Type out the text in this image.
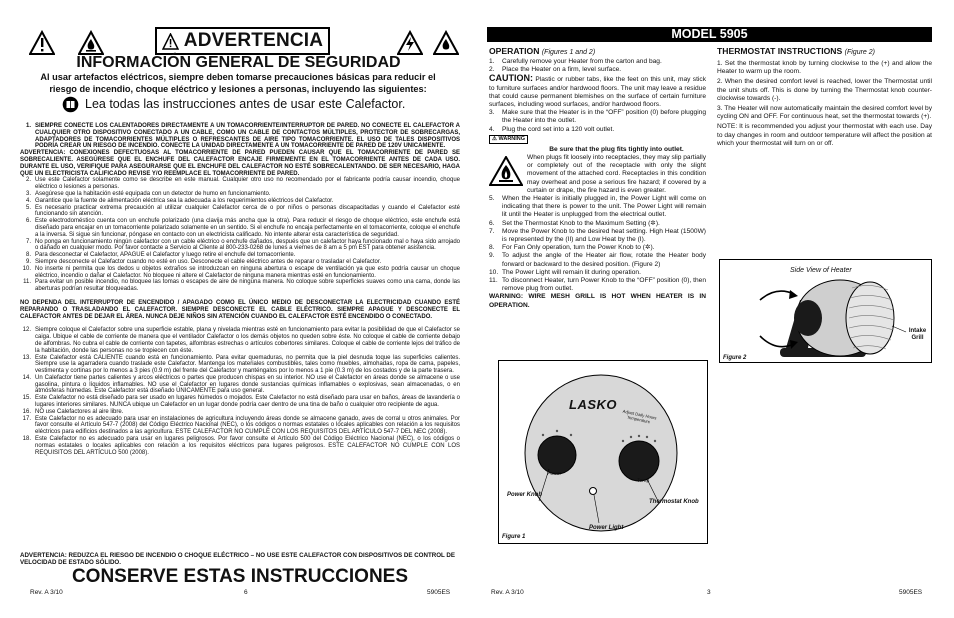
ADVERTENCIA
INFORMACIÓN GENERAL DE SEGURIDAD
Al usar artefactos eléctricos, siempre deben tomarse precauciones básicas para reducir el riesgo de incendio, choque eléctrico y lesiones a personas, incluyendo las siguientes:
Lea todas las instrucciones antes de usar este Calefactor.
1. SIEMPRE CONECTE LOS CALENTADORES DIRECTAMENTE A UN TOMACORRIENTE/INTERRUPTOR DE PARED. NO CONECTE EL CALEFACTOR A CUALQUIER OTRO DISPOSITIVO CONECTADO A UN CABLE, COMO UN CABLE DE CONTACTOS MÚLTIPLES, PROTECTOR DE SOBRECARGAS, ADAPTADORES DE TOMACORRIENTES MÚLTIPLES O REFRESCANTES DE AIRE TIPO TOMACORRIENTE. EL USO DE TALES DISPOSITIVOS PODRÍA CREAR UN RIESGO DE INCENDIO. CONECTE LA UNIDAD DIRECTAMENTE A UN TOMACORRIENTE DE PARED DE 120V UNICAMENTE.
ADVERTENCIA: CONEXIONES DEFECTUOSAS AL TOMACORRIENTE DE PARED PUEDEN CAUSAR QUE EL TOMACORRIENTE DE PARED SE SOBRECALIENTE. ASEGÚRESE QUE EL ENCHUFE DEL CALEFACTOR ENCAJE FIRMEMENTE EN EL TOMACORRIENTE ANTES DE CADA USO. DURANTE EL USO, VERIFIQUE PARA ASEGURARSE QUE EL ENCHUFE DEL CALEFACTOR NO ESTÉ SOBRECALENTANDO. DE SER NECESARIO, HAGA QUE UN ELECTRICISTA CALIFICADO REVISE Y/O REEMPLACE EL TOMACORRIENTE DE PARED.
2. Use este Calefactor solamente como se describe en este manual. Cualquier otro uso no recomendado por el fabricante podría causar incendio, choque eléctrico o lesiones a personas.
3. Asegúrese que la habitación esté equipada con un detector de humo en funcionamiento.
4. Garantice que la fuente de alimentación eléctrica sea la adecuada a los requerimientos eléctricos del Calefactor.
5. Es necesario practicar extrema precaución al utilizar cualquier Calefactor cerca de o por niños o personas discapacitadas y cuando el Calefactor esté funcionando sin atención.
6. Este electrodoméstico cuenta con un enchufe polarizado (una clavija más ancha que la otra). Para reducir el riesgo de choque eléctrico, este enchufe está diseñado para encajar en un tomacorriente polarizado solamente en un sentido. Si el enchufe no encaja perfectamente en el tomacorriente, coloque el enchufe a la inversa. Si sigue sin funcionar, póngase en contacto con un electricista calificado. No intente alterar esta característica de seguridad.
7. No ponga en funcionamiento ningún calefactor con un cable eléctrico o enchufe dañados, después que un calefactor haya funcionado mal o haya sido arrojado o dañado en cualquier modo. Por favor contacte a Servicio al Cliente al 800-233-0268 de lunes a viernes de 8 am a 5 pm EST para obtener asistencia.
8. Para desconectar el Calefactor, APAGUE el Calefactor y luego retire el enchufe del tomacorriente.
9. Siempre desconecte el Calefactor cuando no esté en uso. Desconecte el cable eléctrico antes de reparar o trasladar el Calefactor.
10. No inserte ni permita que los dedos u objetos extraños se introduzcan en ninguna abertura o escape de ventilación ya que esto podría causar un choque eléctrico, incendio o dañar el Calefactor. No bloquee ni altere el Calefactor de ninguna manera mientras esté en funcionamiento.
11. Para evitar un posible incendio, no bloquee las tomas o escapes de aire de ninguna manera. No coloque sobre superficies suaves como una cama, donde las aberturas podrían resultar bloqueadas.
NO DEPENDA DEL INTERRUPTOR DE ENCENDIDO / APAGADO COMO EL ÚNICO MEDIO DE DESCONECTAR LA ELECTRICIDAD CUANDO ESTÉ REPARANDO O TRASLADANDO EL CALEFACTOR. SIEMPRE DESCONECTE EL CABLE ELÉCTRICO. SIEMPRE APAGUE Y DESCONECTE EL CALEFACTOR ANTES DE DEJAR EL ÁREA. NUNCA DEJE NIÑOS SIN ATENCIÓN CUANDO EL CALEFACTOR ESTÉ ENCENDIDO O CONECTADO.
12. Siempre coloque el Calefactor sobre una superficie estable, plana y nivelada mientras esté en funcionamiento para evitar la posibilidad de que el Calefactor se caiga. Ubique el cable de corriente de manera que el ventilador Calefactor o los demás objetos no queden sobre éste. No coloque el cable de corriente debajo de alfombras. No cubra el cable de corriente con tapetes, alfombras estrechas o artículos cobertores similares. Coloque el cable de corriente lejos del tráfico de la habitación, donde las personas no se tropiecen con éste.
13. Este Calefactor está CALIENTE cuando está en funcionamiento. Para evitar quemaduras, no permita que la piel desnuda toque las superficies calientes. Siempre use la agarradera cuando traslade este Calefactor. Mantenga los materiales combustibles, tales como muebles, almohadas, ropa de cama, papeles, vestimenta y cortinas por lo menos a 3 pies (0.9 m) del frente del Calefactor y manténgalos por lo menos a 1 pie (0.3 m) de los costados y de la parte trasera.
14. Un Calefactor tiene partes calientes y arcos eléctricos o partes que producen chispas en su interior. NO use el Calefactor en áreas donde se almacene o use gasolina, pintura o líquidos inflamables. NO use el Calefactor en lugares donde sustancias químicas inflamables o explosivas, sean almacenadas, o en atmósferas húmedas. Este Calefactor está diseñado ÚNICAMENTE para uso general.
15. Este Calefactor no está diseñado para ser usado en lugares húmedos o mojados. Este Calefactor no está diseñado para usar en baños, áreas de lavandería o lugares interiores similares. NUNCA ubique un Calefactor en un lugar donde podría caer dentro de una tina de baño o cualquier otro recipiente de agua.
16. NO use Calefactores al aire libre.
17. Este Calefactor no es adecuado para usar en instalaciones de agricultura incluyendo áreas donde se almacene ganado, aves de corral u otros animales. Por favor consulte el Artículo 547-7 (2008) del Código Eléctrico Nacional (NEC), o los códigos o normas estatales o locales aplicables con relación a los requisitos eléctricos para edificios destinados a las agricultura. ESTE CALEFACTOR NO CUMPLE CON LOS REQUISITOS DEL ARTÍCULO 547-7 DEL NEC (2008).
18. Este Calefactor no es adecuado para usar en lugares peligrosos. Por favor consulte el Artículo 500 del Código Eléctrico Nacional (NEC), o los códigos o normas estatales o locales aplicables con relación a los requisitos eléctricos para lugares peligrosos. ESTE CALEFACTOR NO CUMPLE CON LOS REQUISITOS DEL ARTÍCULO 500 (2008).
ADVERTENCIA: REDUZCA EL RIESGO DE INCENDIO O CHOQUE ELÉCTRICO – NO USE ESTE CALEFACTOR CON DISPOSITIVOS DE CONTROL DE VELOCIDAD DE ESTADO SÓLIDO.
CONSERVE ESTAS INSTRUCCIONES
Rev. A 3/10	6	5905ES
MODEL 5905
OPERATION (Figures 1 and 2)
1.	Carefully remove your Heater from the carton and bag.
2.	Place the Heater on a firm, level surface.
CAUTION: Plastic or rubber tabs, like the feet on this unit, may stick to furniture surfaces and/or hardwood floors. The unit may leave a residue that could cause permanent blemishes on the surface of certain furniture surfaces, including wood surfaces, and/or hardwood floors.
3.	Make sure that the Heater is in the “OFF” position (0) before plugging the Heater into the outlet.
4.	Plug the cord set into a 120 volt outlet.
⚠ WARNING
Be sure that the plug fits tightly into outlet.
When plugs fit loosely into receptacles, they may slip partially or completely out of the receptacle with only the slight movement of the attached cord. Receptacles in this condition may overheat and pose a serious fire hazard; if covered by a curtain or drape, the fire hazard is even greater.
5.	When the Heater is initially plugged in, the Power Light will come on indicating that there is power to the unit. The Power Light will remain lit until the Heater is unplugged from the electrical outlet.
6.	Set the Thermostat Knob to the Maximum Setting (✲).
7.	Move the Power Knob to the desired heat setting. High Heat (1500W) is represented by the (II) and Low Heat by the (I).
8.	For Fan Only operation, turn the Power Knob to (✲).
9.	To adjust the angle of the Heater air flow, rotate the Heater body forward or backward to the desired position. (Figure 2)
10. The Power Light will remain lit during operation.
11. To disconnect Heater, turn Power Knob to the “OFF” position (0), then remove plug from outlet.
WARNING: WIRE MESH GRILL IS HOT WHEN HEATER IS IN OPERATION.
THERMOSTAT INSTRUCTIONS (Figure 2)
1. Set the thermostat knob by turning clockwise to the (+) and allow the Heater to warm up the room.
2. When the desired comfort level is reached, lower the Thermostat until the unit shuts off. This is done by turning the Thermostat knob counter-clockwise towards (-).
3. The Heater will now automatically maintain the desired comfort level by cycling ON and OFF. For continuous heat, set the thermostat towards (+).
NOTE: It is recommended you adjust your thermostat with each use. Day to day changes in room and outdoor temperature will affect the position at which your thermostat will turn on or off.
Side View of Heater
Intake Grill
Figure 2
LASKO
Adjust Daily Hours Temperature
Power
Temp
Power Knob
Thermostat Knob
Power Light
Figure 1
Rev. A 3/10	3	5905ES
